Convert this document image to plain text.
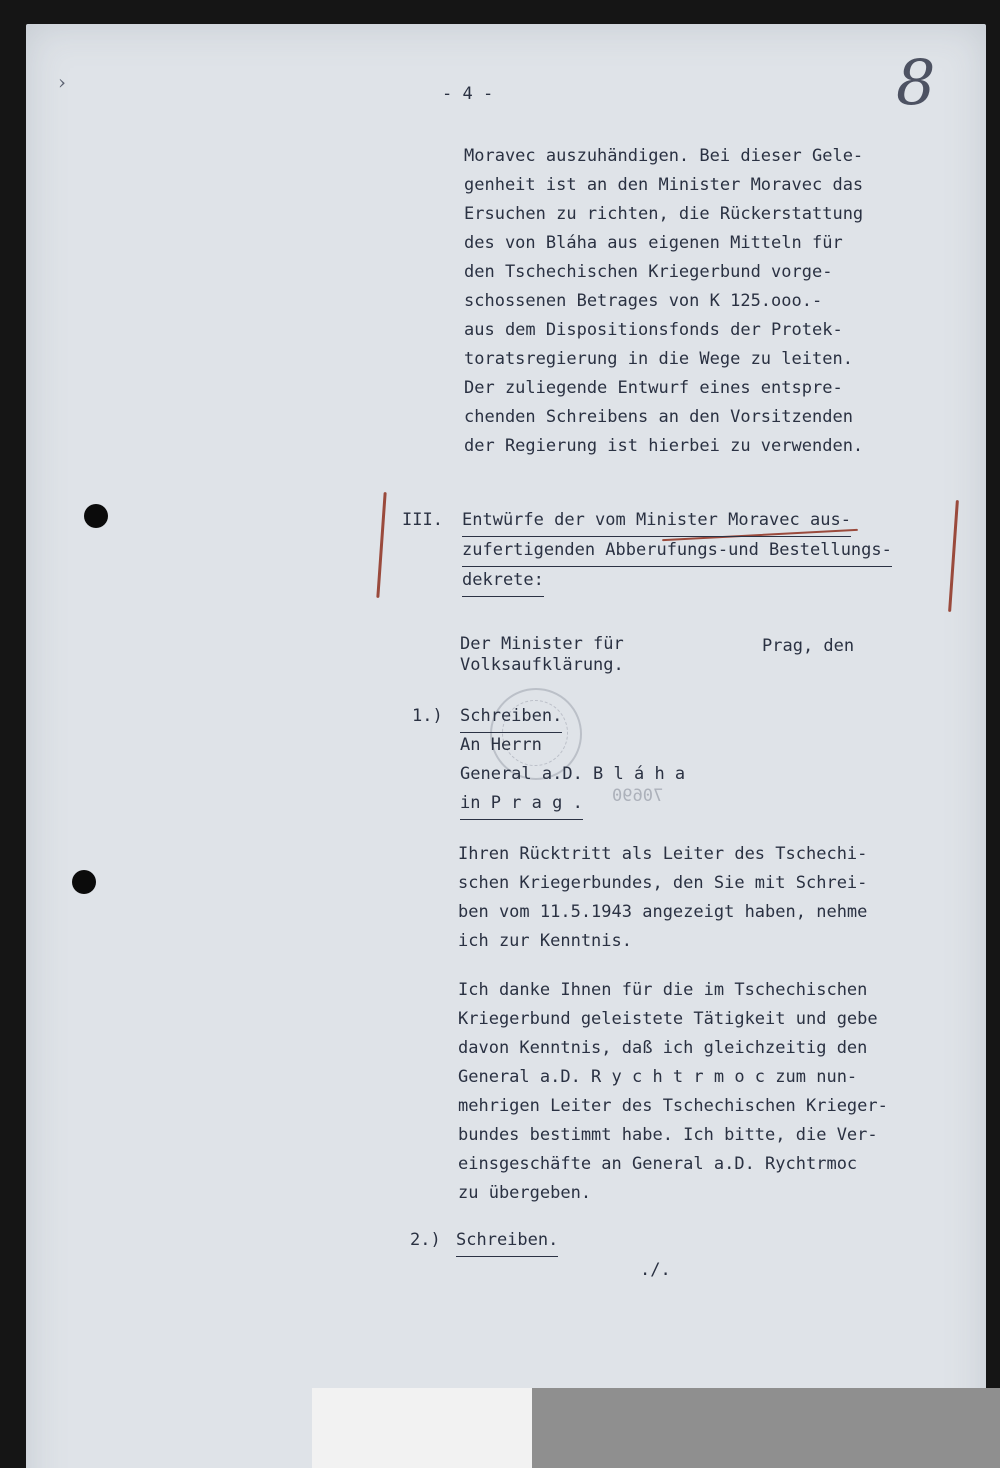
›	- 4 -	8

Moravec auszuhändigen. Bei dieser Gele-

genheit ist an den Minister Moravec das

Ersuchen zu richten, die Rückerstattung

des von Bláha aus eigenen Mitteln für

den Tschechischen Kriegerbund vorge-

schossenen Betrages von K 125.ooo.-

aus dem Dispositionsfonds der Protek-

toratsregierung in die Wege zu leiten.

Der zuliegende Entwurf eines entspre-

chenden Schreibens an den Vorsitzenden

der Regierung ist hierbei zu verwenden.

III. Entwürfe der vom Minister Moravec aus-

zufertigenden Abberufungs-und Bestellungs-

dekrete:

Der Minister für

Volksaufklärung.

Prag, den

70690

1.) Schreiben.

An Herrn

General a.D. B l á h a

in P r a g .

Ihren Rücktritt als Leiter des Tschechi-

schen Kriegerbundes, den Sie mit Schrei-

ben vom 11.5.1943 angezeigt haben, nehme

ich zur Kenntnis.

Ich danke Ihnen für die im Tschechischen

Kriegerbund geleistete Tätigkeit und gebe

davon Kenntnis, daß ich gleichzeitig den

General a.D. R y c h t r m o c zum nun-

mehrigen Leiter des Tschechischen Krieger-

bundes bestimmt habe. Ich bitte, die Ver-

einsgeschäfte an General a.D. Rychtrmoc

zu übergeben.

2.) Schreiben.

./.
